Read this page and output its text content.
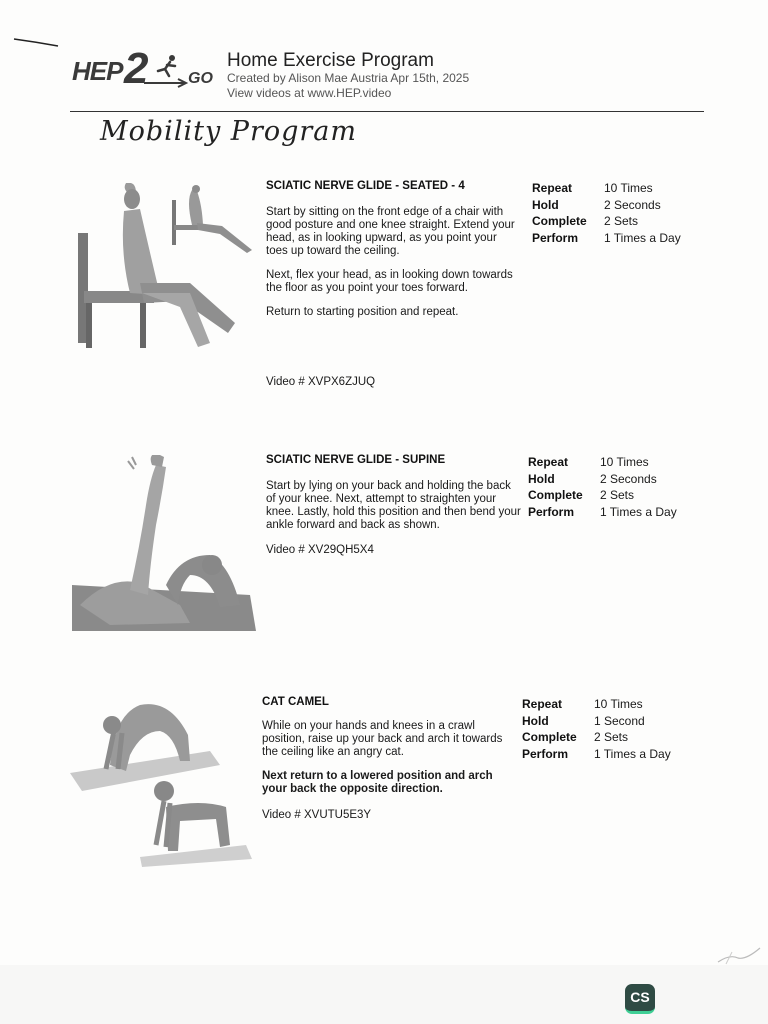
HEP 2 GO
Home Exercise Program
Created by Alison Mae Austria Apr 15th, 2025
View videos at www.HEP.video
Mobility Program
SCIATIC NERVE GLIDE - SEATED - 4

Start by sitting on the front edge of a chair with good posture and one knee straight. Extend your head, as in looking upward, as you point your toes up toward the ceiling.

Next, flex your head, as in looking down towards the floor as you point your toes forward.

Return to starting position and repeat.

Video # XVPX6ZJUQ
Repeat	10 Times
Hold	2 Seconds
Complete 2 Sets
Perform 1 Times a Day
SCIATIC NERVE GLIDE - SUPINE

Start by lying on your back and holding the back of your knee. Next, attempt to straighten your knee. Lastly, hold this position and then bend your ankle forward and back as shown.

Video # XV29QH5X4
Repeat	10 Times
Hold	2 Seconds
Complete 2 Sets
Perform 1 Times a Day
CAT CAMEL

While on your hands and knees in a crawl position, raise up your back and arch it towards the ceiling like an angry cat.

Next return to a lowered position and arch your back the opposite direction.

Video # XVUTU5E3Y
Repeat	10 Times
Hold	1 Second
Complete 2 Sets
Perform 1 Times a Day
CS
